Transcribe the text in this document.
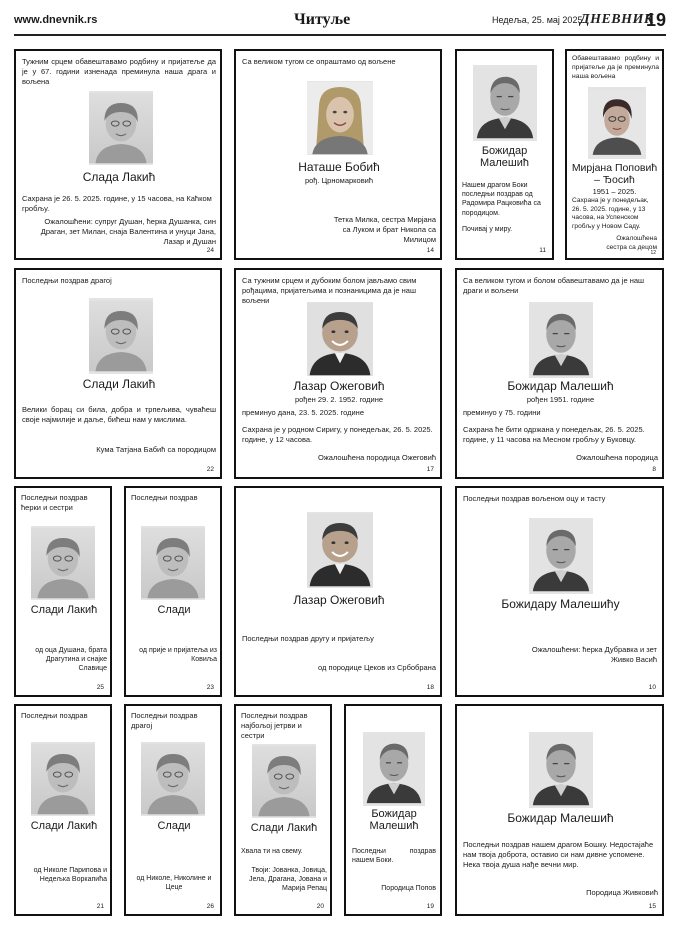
www.dnevnik.rs	Читуље	Недеља, 25. мај 2025.
ДНЕВНИК
19
Тужним срцем обавештавамо родбину и пријатеље да је у 67. години изненада преминула наша драга и вољена
Слада Лакић
Сахрана је 26. 5. 2025. године, у 15 часова, на Каћком гробљу.
Ожалошћени: супруг Душан, ћерка Душанка, син Драган, зет Милан, снаја Валентина и унуци Јана, Лазар и Душан
24
Са великом тугом се опраштамо од вољене
Наташе Бобић
рођ. Црномарковић
Тетка Милка, сестра Мирјана са Луком и брат Никола са Милицом
14
Божидар Малешић
Нашем драгом Боки последњи поздрав од Радомира Рацковића са породицом.
Почивај у миру.
11
Обавештавамо родбину и пријатеље да је преминула наша вољена
Мирјана Поповић – Ђосић
1951 – 2025.
Сахрана је у понедељак, 26. 5. 2025. године, у 13 часова, на Успенском гробљу у Новом Саду.
Ожалошћена сестра са децом
12
Последњи поздрав драгој
Слади Лакић
Велики борац си била, добра и трпељива, чуваћеш своје најмилије и даље, бићеш нам у мислима.
Кума Татјана Бабић са породицом
22
Са тужним срцем и дубоким болом јављамо свим рођацима, пријатељима и познаницима да је наш вољени
Лазар Ожеговић
рођен 29. 2. 1952. године
преминуо дана, 23. 5. 2025. године
Сахрана је у родном Сиригу, у понедељак, 26. 5. 2025. године, у 12 часова.
Ожалошћена породица Ожеговић
17
Са великом тугом и болом обавештавамо да је наш драги и вољени
Божидар Малешић
рођен 1951. године
преминуо у 75. години
Сахрана ће бити одржана у понедељак, 26. 5. 2025. године, у 11 часова на Месном гробљу у Буковцу.
Ожалошћена породица
8
Последњи поздрав ћерки и сестри
Слади Лакић
од оца Душана, брата Драгутина и снајке Славице
25
Последњи поздрав
Слади
од прије и пријатеља из Ковиља
23
Лазар Ожеговић
Последњи поздрав другу и пријатељу
од породице Цеков из Србобрана
18
Последњи поздрав вољеном оцу и тасту
Божидару Малешићу
Ожалошћени: ћерка Дубравка и зет Живко Васић
10
Последњи поздрав
Слади Лакић
од Николе Парипова и Недељка Воркапића
21
Последњи поздрав драгој
Слади
од Николе, Николине и Цеце
26
Последњи поздрав најбољој јетрви и сестри
Слади Лакић
Хвала ти на свему.
Твоји: Јованка, Јовица, Јела, Драгана, Јована и Марија Репац
20
Божидар Малешић
Последњи поздрав нашем Боки.
Породица Попов
19
Божидар Малешић
Последњи поздрав нашем драгом Бошку. Недостајаће нам твоја доброта, оставио си нам дивне успомене. Нека твоја душа нађе вечни мир.
Породица Живковић
15
